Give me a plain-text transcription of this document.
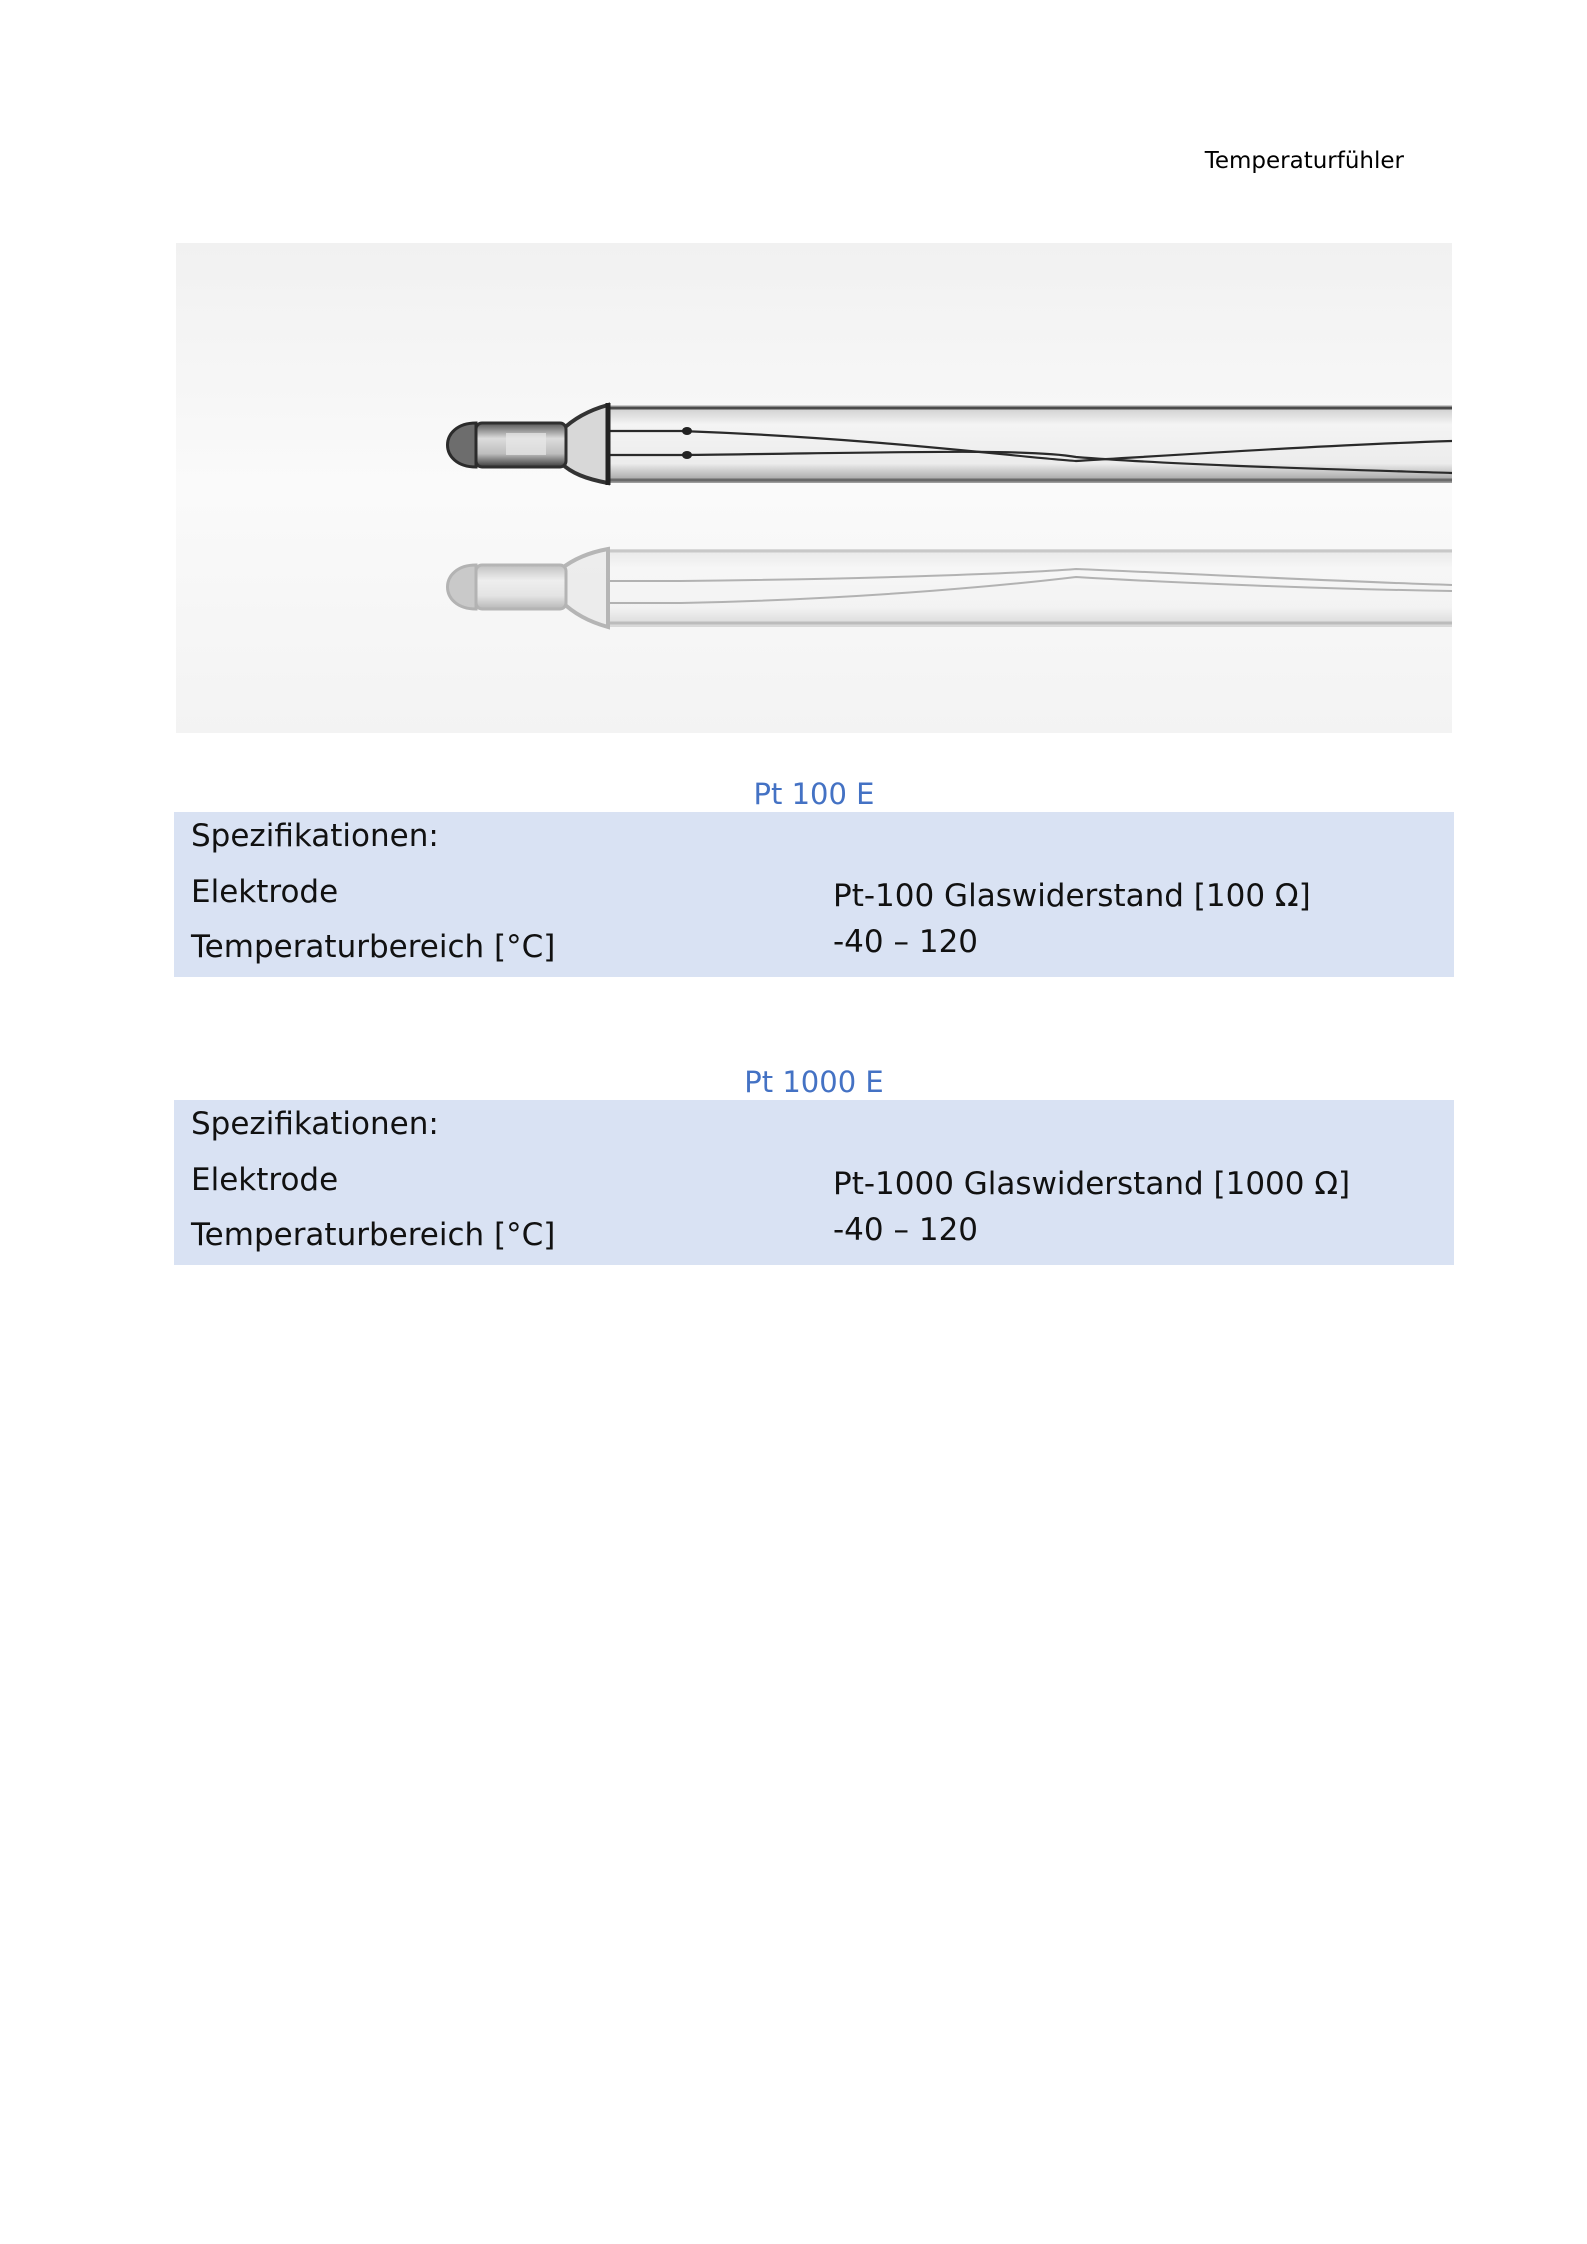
Temperaturfühler
Pt 100 E
Spezifikationen:
Elektrode	Pt-100 Glaswiderstand [100 Ω]
Temperaturbereich [°C]	-40 – 120
Pt 1000 E
Spezifikationen:
Elektrode	Pt-1000 Glaswiderstand [1000 Ω]
Temperaturbereich [°C]	-40 – 120
